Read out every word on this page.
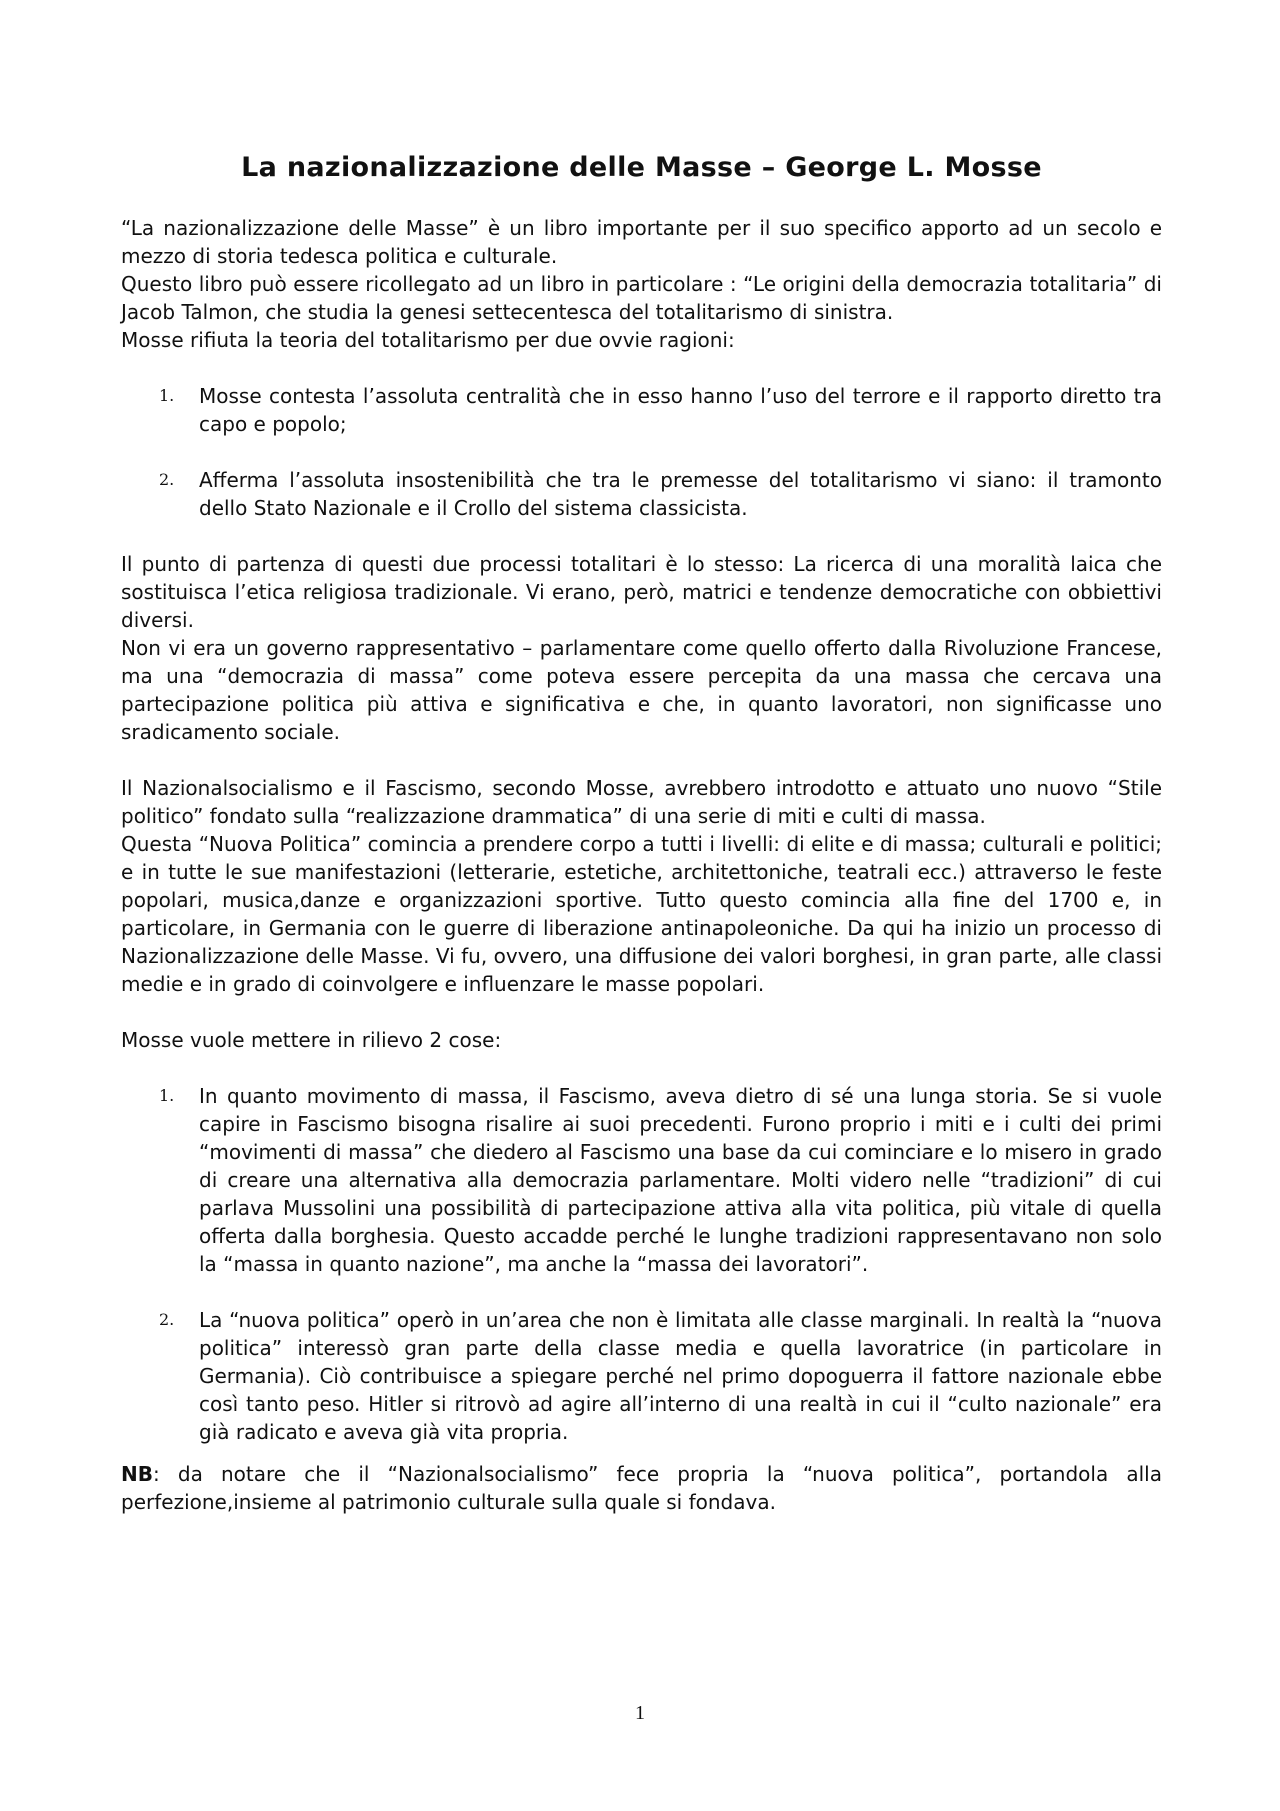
La nazionalizzazione delle Masse – George L. Mosse

“La nazionalizzazione delle Masse” è un libro importante per il suo specifico apporto ad un secolo e mezzo di storia tedesca politica e culturale.

Questo libro può essere ricollegato ad un libro in particolare : “Le origini della democrazia totalitaria” di Jacob Talmon, che studia la genesi settecentesca del totalitarismo di sinistra.

Mosse rifiuta la teoria del totalitarismo per due ovvie ragioni:

1. Mosse contesta l’assoluta centralità che in esso hanno l’uso del terrore e il rapporto diretto tra capo e popolo;
2. Afferma l’assoluta insostenibilità che tra le premesse del totalitarismo vi siano: il tramonto dello Stato Nazionale e il Crollo del sistema classicista.

Il punto di partenza di questi due processi totalitari è lo stesso: La ricerca di una moralità laica che sostituisca l’etica religiosa tradizionale. Vi erano, però, matrici e tendenze democratiche con obbiettivi diversi.

Non vi era un governo rappresentativo – parlamentare come quello offerto dalla Rivoluzione Francese, ma una “democrazia di massa” come poteva essere percepita da una massa che cercava una partecipazione politica più attiva e significativa e che, in quanto lavoratori, non significasse uno sradicamento sociale.

Il Nazionalsocialismo e il Fascismo, secondo Mosse, avrebbero introdotto e attuato uno nuovo “Stile politico” fondato sulla “realizzazione drammatica” di una serie di miti e culti di massa.

Questa “Nuova Politica” comincia a prendere corpo a tutti i livelli: di elite e di massa; culturali e politici; e in tutte le sue manifestazioni (letterarie, estetiche, architettoniche, teatrali ecc.) attraverso le feste popolari, musica,danze e organizzazioni sportive. Tutto questo comincia alla fine del 1700 e, in particolare, in Germania con le guerre di liberazione antinapoleoniche. Da qui ha inizio un processo di Nazionalizzazione delle Masse. Vi fu, ovvero, una diffusione dei valori borghesi, in gran parte, alle classi medie e in grado di coinvolgere e influenzare le masse popolari.

Mosse vuole mettere in rilievo 2 cose:

1. In quanto movimento di massa, il Fascismo, aveva dietro di sé una lunga storia. Se si vuole capire in Fascismo bisogna risalire ai suoi precedenti. Furono proprio i miti e i culti dei primi “movimenti di massa” che diedero al Fascismo una base da cui cominciare e lo misero in grado di creare una alternativa alla democrazia parlamentare. Molti videro nelle “tradizioni” di cui parlava Mussolini una possibilità di partecipazione attiva alla vita politica, più vitale di quella offerta dalla borghesia. Questo accadde perché le lunghe tradizioni rappresentavano non solo la “massa in quanto nazione”, ma anche la “massa dei lavoratori”.
2. La “nuova politica” operò in un’area che non è limitata alle classe marginali. In realtà la “nuova politica” interessò gran parte della classe media e quella lavoratrice (in particolare in Germania). Ciò contribuisce a spiegare perché nel primo dopoguerra il fattore nazionale ebbe così tanto peso. Hitler si ritrovò ad agire all’interno di una realtà in cui il “culto nazionale” era già radicato e aveva già vita propria.

NB: da notare che il “Nazionalsocialismo” fece propria la “nuova politica”, portandola alla perfezione,insieme al patrimonio culturale sulla quale si fondava.

1
